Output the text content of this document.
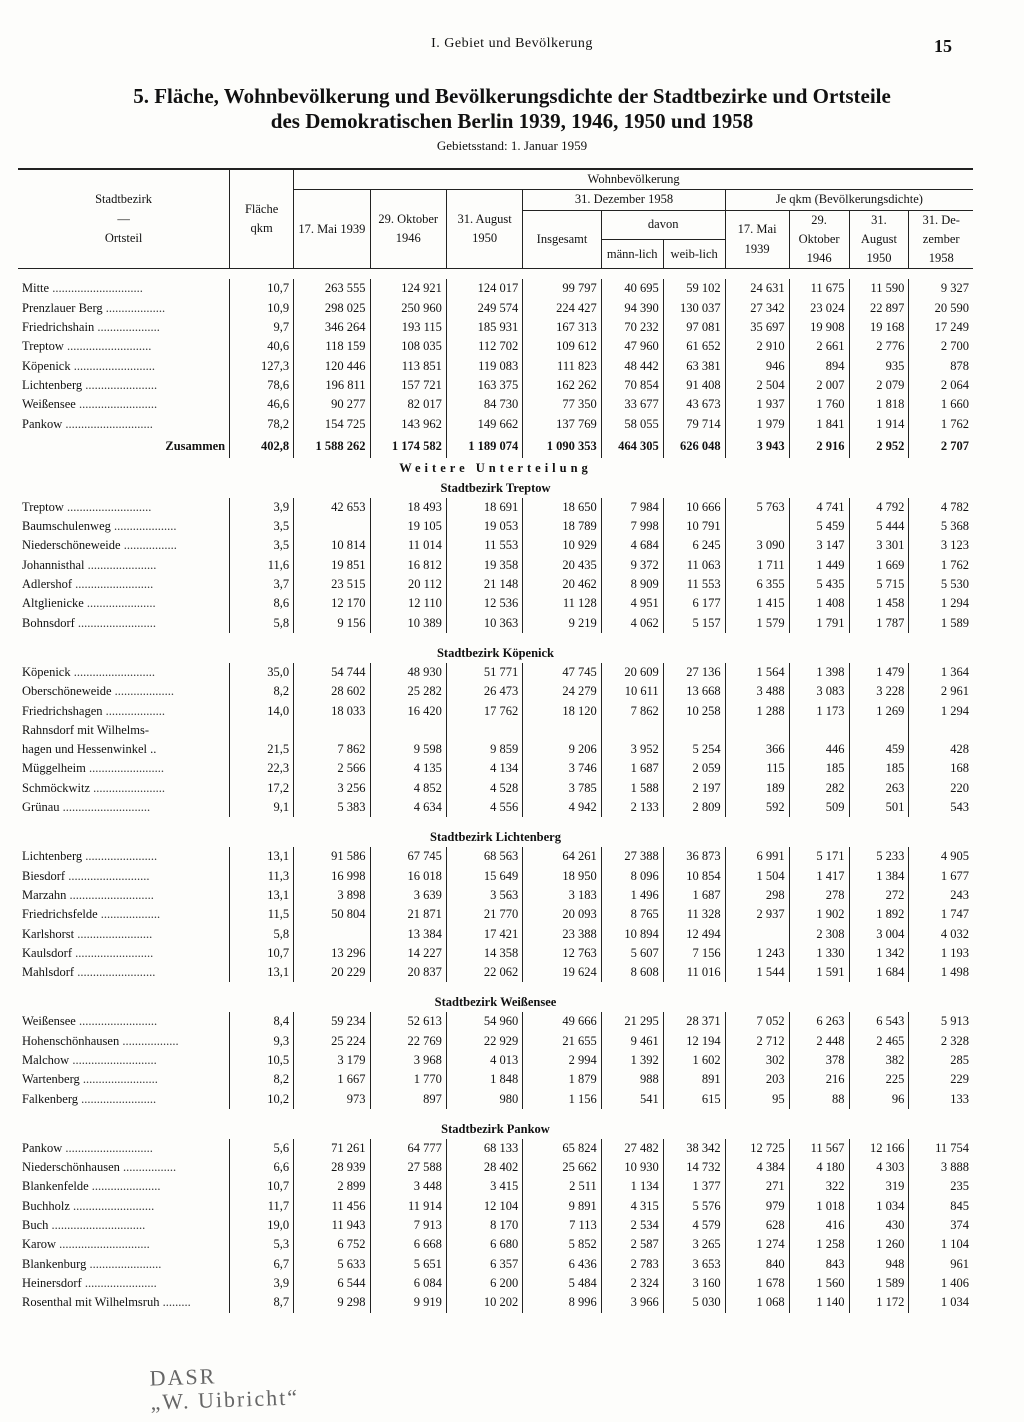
I. Gebiet und Bevölkerung	15
5. Fläche, Wohnbevölkerung und Bevölkerungsdichte der Stadtbezirke und Ortsteile
des Demokratischen Berlin 1939, 1946, 1950 und 1958
Gebietsstand: 1. Januar 1959
Stadtbezirk
—
Ortsteil	Fläche qkm	Wohnbevölkerung									
		17. Mai 1939	29. Oktober 1946	31. August 1950	31. Dezember 1958			Je qkm (Bevölkerungsdichte)			
					Insgesamt	davon		17. Mai 1939	29. Oktober 1946	31. August 1950	31. De-zember 1958
						männ-lich	weib-lich				

Mitte .............................	10,7	263 555	124 921	124 017	99 797	40 695	59 102	24 631	11 675	11 590	9 327
Prenzlauer Berg ...................	10,9	298 025	250 960	249 574	224 427	94 390	130 037	27 342	23 024	22 897	20 590
Friedrichshain ....................	9,7	346 264	193 115	185 931	167 313	70 232	97 081	35 697	19 908	19 168	17 249
Treptow ...........................	40,6	118 159	108 035	112 702	109 612	47 960	61 652	2 910	2 661	2 776	2 700
Köpenick ..........................	127,3	120 446	113 851	119 083	111 823	48 442	63 381	946	894	935	878
Lichtenberg .......................	78,6	196 811	157 721	163 375	162 262	70 854	91 408	2 504	2 007	2 079	2 064
Weißensee .........................	46,6	90 277	82 017	84 730	77 350	33 677	43 673	1 937	1 760	1 818	1 660
Pankow ............................	78,2	154 725	143 962	149 662	137 769	58 055	79 714	1 979	1 841	1 914	1 762
Zusammen	402,8	1 588 262	1 174 582	1 189 074	1 090 353	464 305	626 048	3 943	2 916	2 952	2 707
Weitere Unterteilung											
Stadtbezirk Treptow											
Treptow ...........................	3,9	42 653	18 493	18 691	18 650	7 984	10 666	5 763	4 741	4 792	4 782
Baumschulenweg ....................	3,5		19 105	19 053	18 789	7 998	10 791		5 459	5 444	5 368
Niederschöneweide .................	3,5	10 814	11 014	11 553	10 929	4 684	6 245	3 090	3 147	3 301	3 123
Johannisthal ......................	11,6	19 851	16 812	19 358	20 435	9 372	11 063	1 711	1 449	1 669	1 762
Adlershof .........................	3,7	23 515	20 112	21 148	20 462	8 909	11 553	6 355	5 435	5 715	5 530
Altglienicke ......................	8,6	12 170	12 110	12 536	11 128	4 951	6 177	1 415	1 408	1 458	1 294
Bohnsdorf .........................	5,8	9 156	10 389	10 363	9 219	4 062	5 157	1 579	1 791	1 787	1 589

Stadtbezirk Köpenick											
Köpenick ..........................	35,0	54 744	48 930	51 771	47 745	20 609	27 136	1 564	1 398	1 479	1 364
Oberschöneweide ...................	8,2	28 602	25 282	26 473	24 279	10 611	13 668	3 488	3 083	3 228	2 961
Friedrichshagen ...................	14,0	18 033	16 420	17 762	18 120	7 862	10 258	1 288	1 173	1 269	1 294
Rahnsdorf mit Wilhelms-											
hagen und Hessenwinkel ..	21,5	7 862	9 598	9 859	9 206	3 952	5 254	366	446	459	428
Müggelheim ........................	22,3	2 566	4 135	4 134	3 746	1 687	2 059	115	185	185	168
Schmöckwitz .......................	17,2	3 256	4 852	4 528	3 785	1 588	2 197	189	282	263	220
Grünau ............................	9,1	5 383	4 634	4 556	4 942	2 133	2 809	592	509	501	543

Stadtbezirk Lichtenberg											
Lichtenberg .......................	13,1	91 586	67 745	68 563	64 261	27 388	36 873	6 991	5 171	5 233	4 905
Biesdorf ..........................	11,3	16 998	16 018	15 649	18 950	8 096	10 854	1 504	1 417	1 384	1 677
Marzahn ...........................	13,1	3 898	3 639	3 563	3 183	1 496	1 687	298	278	272	243
Friedrichsfelde ...................	11,5	50 804	21 871	21 770	20 093	8 765	11 328	2 937	1 902	1 892	1 747
Karlshorst ........................	5,8		13 384	17 421	23 388	10 894	12 494		2 308	3 004	4 032
Kaulsdorf .........................	10,7	13 296	14 227	14 358	12 763	5 607	7 156	1 243	1 330	1 342	1 193
Mahlsdorf .........................	13,1	20 229	20 837	22 062	19 624	8 608	11 016	1 544	1 591	1 684	1 498

Stadtbezirk Weißensee											
Weißensee .........................	8,4	59 234	52 613	54 960	49 666	21 295	28 371	7 052	6 263	6 543	5 913
Hohenschönhausen ..................	9,3	25 224	22 769	22 929	21 655	9 461	12 194	2 712	2 448	2 465	2 328
Malchow ...........................	10,5	3 179	3 968	4 013	2 994	1 392	1 602	302	378	382	285
Wartenberg ........................	8,2	1 667	1 770	1 848	1 879	988	891	203	216	225	229
Falkenberg ........................	10,2	973	897	980	1 156	541	615	95	88	96	133

Stadtbezirk Pankow											
Pankow ............................	5,6	71 261	64 777	68 133	65 824	27 482	38 342	12 725	11 567	12 166	11 754
Niederschönhausen .................	6,6	28 939	27 588	28 402	25 662	10 930	14 732	4 384	4 180	4 303	3 888
Blankenfelde ......................	10,7	2 899	3 448	3 415	2 511	1 134	1 377	271	322	319	235
Buchholz ..........................	11,7	11 456	11 914	12 104	9 891	4 315	5 576	979	1 018	1 034	845
Buch ..............................	19,0	11 943	7 913	8 170	7 113	2 534	4 579	628	416	430	374
Karow .............................	5,3	6 752	6 668	6 680	5 852	2 587	3 265	1 274	1 258	1 260	1 104
Blankenburg .......................	6,7	5 633	5 651	6 357	6 436	2 783	3 653	840	843	948	961
Heinersdorf .......................	3,9	6 544	6 084	6 200	5 484	2 324	3 160	1 678	1 560	1 589	1 406
Rosenthal mit Wilhelmsruh .........	8,7	9 298	9 919	10 202	8 996	3 966	5 030	1 068	1 140	1 172	1 034
DASR
„W. Uibricht“
